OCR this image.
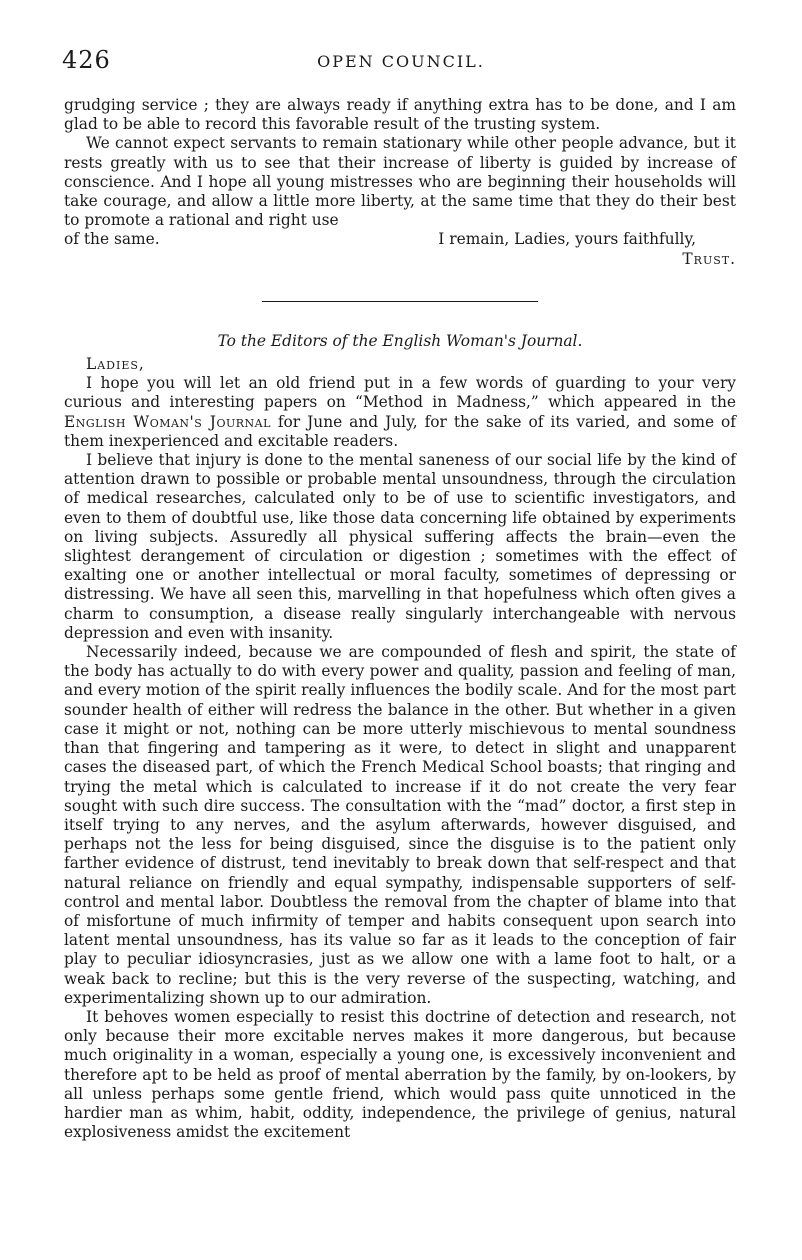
426	OPEN COUNCIL.

grudging service ; they are always ready if anything extra has to be done, and I am glad to be able to record this favorable result of the trusting system.

We cannot expect servants to remain stationary while other people advance, but it rests greatly with us to see that their increase of liberty is guided by increase of conscience. And I hope all young mistresses who are beginning their households will take courage, and allow a little more liberty, at the same time that they do their best to promote a rational and right use

of the same.	I remain, Ladies, yours faithfully,
Trust.
To the Editors of the English Woman's Journal.
Ladies,

I hope you will let an old friend put in a few words of guarding to your very curious and interesting papers on “Method in Madness,” which appeared in the English Woman's Journal for June and July, for the sake of its varied, and some of them inexperienced and excitable readers.

I believe that injury is done to the mental saneness of our social life by the kind of attention drawn to possible or probable mental unsoundness, through the circulation of medical researches, calculated only to be of use to scientific investigators, and even to them of doubtful use, like those data concerning life obtained by experiments on living subjects. Assuredly all physical suffering affects the brain—even the slightest derangement of circulation or digestion ; sometimes with the effect of exalting one or another intellectual or moral faculty, sometimes of depressing or distressing. We have all seen this, marvelling in that hopefulness which often gives a charm to consumption, a disease really singularly interchangeable with nervous depression and even with insanity.

Necessarily indeed, because we are compounded of flesh and spirit, the state of the body has actually to do with every power and quality, passion and feeling of man, and every motion of the spirit really influences the bodily scale. And for the most part sounder health of either will redress the balance in the other. But whether in a given case it might or not, nothing can be more utterly mischievous to mental soundness than that fingering and tampering as it were, to detect in slight and unapparent cases the diseased part, of which the French Medical School boasts; that ringing and trying the metal which is calculated to increase if it do not create the very fear sought with such dire success. The consultation with the “mad” doctor, a first step in itself trying to any nerves, and the asylum afterwards, however disguised, and perhaps not the less for being disguised, since the disguise is to the patient only farther evidence of distrust, tend inevitably to break down that self-respect and that natural reliance on friendly and equal sympathy, indispensable supporters of self-control and mental labor. Doubtless the removal from the chapter of blame into that of misfortune of much infirmity of temper and habits consequent upon search into latent mental unsoundness, has its value so far as it leads to the conception of fair play to peculiar idiosyncrasies, just as we allow one with a lame foot to halt, or a weak back to recline; but this is the very reverse of the suspecting, watching, and experimentalizing shown up to our admiration.

It behoves women especially to resist this doctrine of detection and research, not only because their more excitable nerves makes it more dangerous, but because much originality in a woman, especially a young one, is excessively inconvenient and therefore apt to be held as proof of mental aberration by the family, by on-lookers, by all unless perhaps some gentle friend, which would pass quite unnoticed in the hardier man as whim, habit, oddity, independence, the privilege of genius, natural explosiveness amidst the excitement
